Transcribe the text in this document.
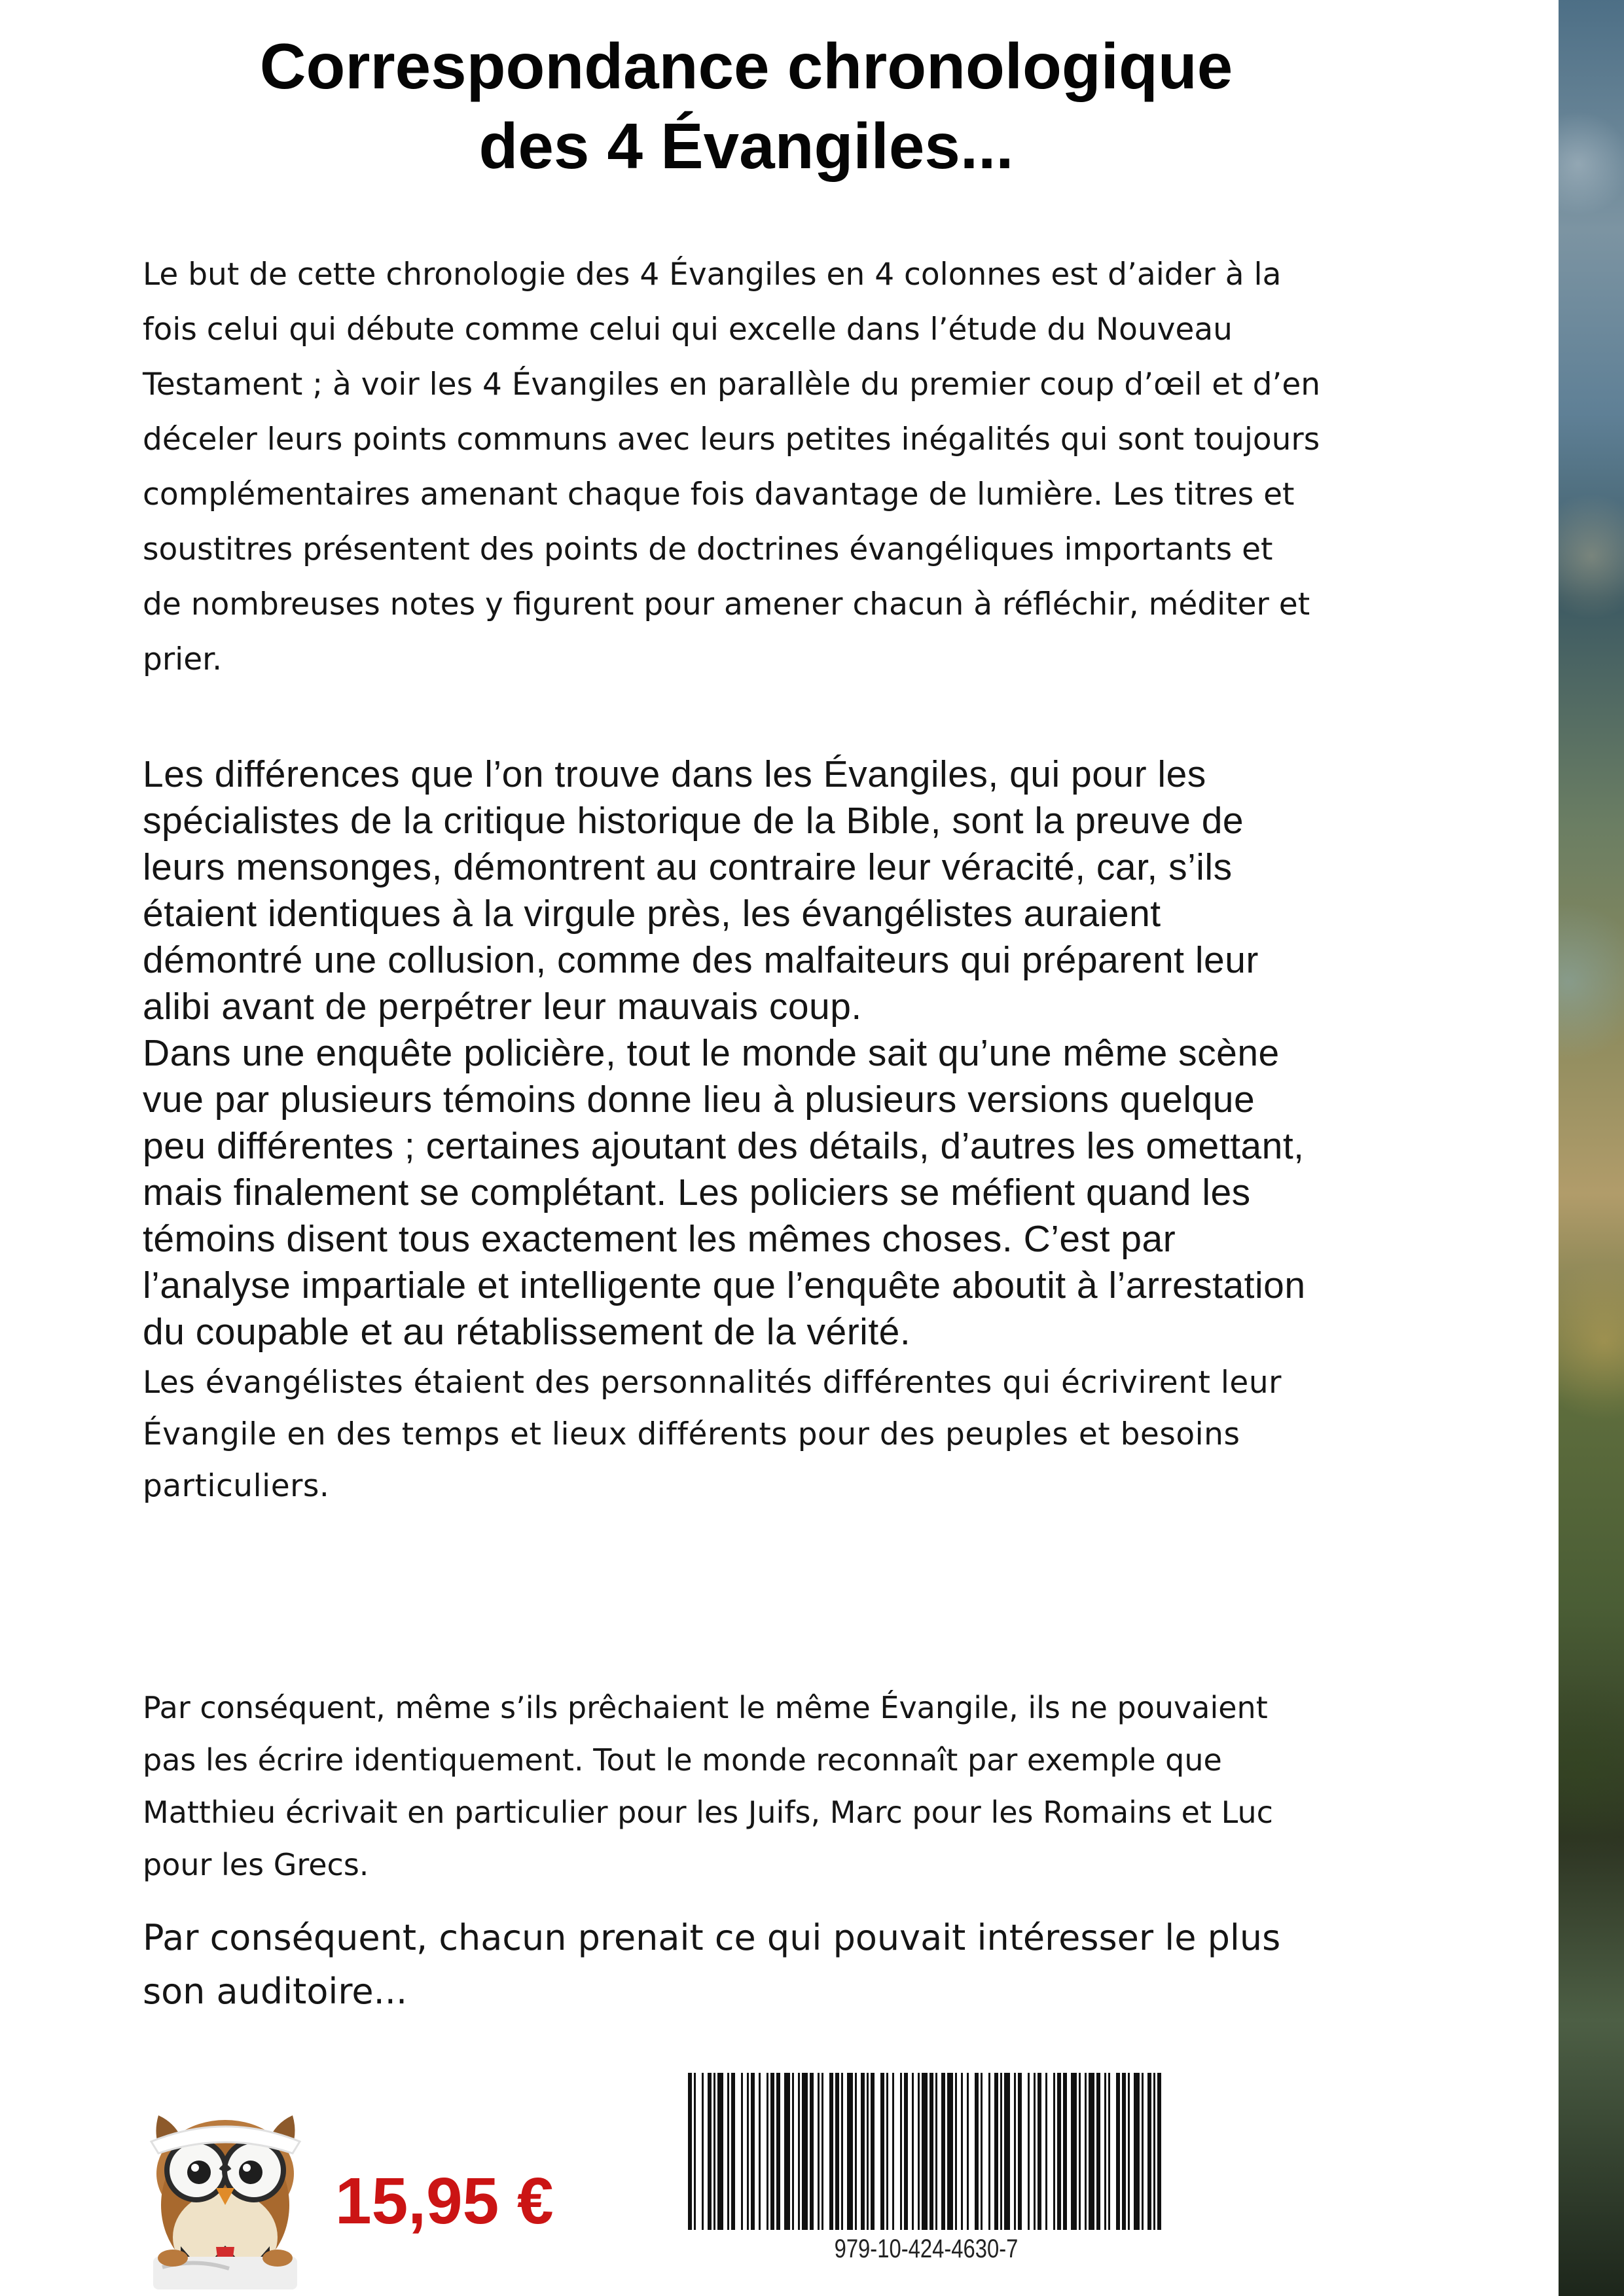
Correspondance chronologique
des 4 Évangiles...

Le but de cette chronologie des 4 Évangiles en 4 colonnes est d’aider à la fois celui qui débute comme celui qui excelle dans l’étude du Nouveau Testament ; à voir les 4 Évangiles en parallèle du premier coup d’œil et d’en déceler leurs points communs avec leurs petites inégalités qui sont toujours complémentaires amenant chaque fois davantage de lumière. Les titres et soustitres présentent des points de doctrines évangéliques importants et de nombreuses notes y figurent pour amener chacun à réfléchir, méditer et prier.

Les différences que l’on trouve dans les Évangiles, qui pour les spécialistes de la critique historique de la Bible, sont la preuve de leurs mensonges, démontrent au contraire leur véracité, car, s’ils étaient identiques à la virgule près, les évangélistes auraient démontré une collusion, comme des malfaiteurs qui préparent leur alibi avant de perpétrer leur mauvais coup.
Dans une enquête policière, tout le monde sait qu’une même scène vue par plusieurs témoins donne lieu à plusieurs versions quelque peu différentes ; certaines ajoutant des détails, d’autres les omettant, mais finalement se complétant. Les policiers se méfient quand les témoins disent tous exactement les mêmes choses. C’est par l’analyse impartiale et intelligente que l’enquête aboutit à l’arrestation du coupable et au rétablissement de la vérité.
Les évangélistes étaient des personnalités différentes qui écrivirent leur Évangile en des temps et lieux différents pour des peuples et besoins particuliers.

Par conséquent, même s’ils prêchaient le même Évangile, ils ne pouvaient pas les écrire identiquement. Tout le monde reconnaît par exemple que Matthieu écrivait en particulier pour les Juifs, Marc pour les Romains et Luc pour les Grecs.

Par conséquent, chacun prenait ce qui pouvait intéresser le plus son auditoire...

15,95 €
979-10-424-4630-7
